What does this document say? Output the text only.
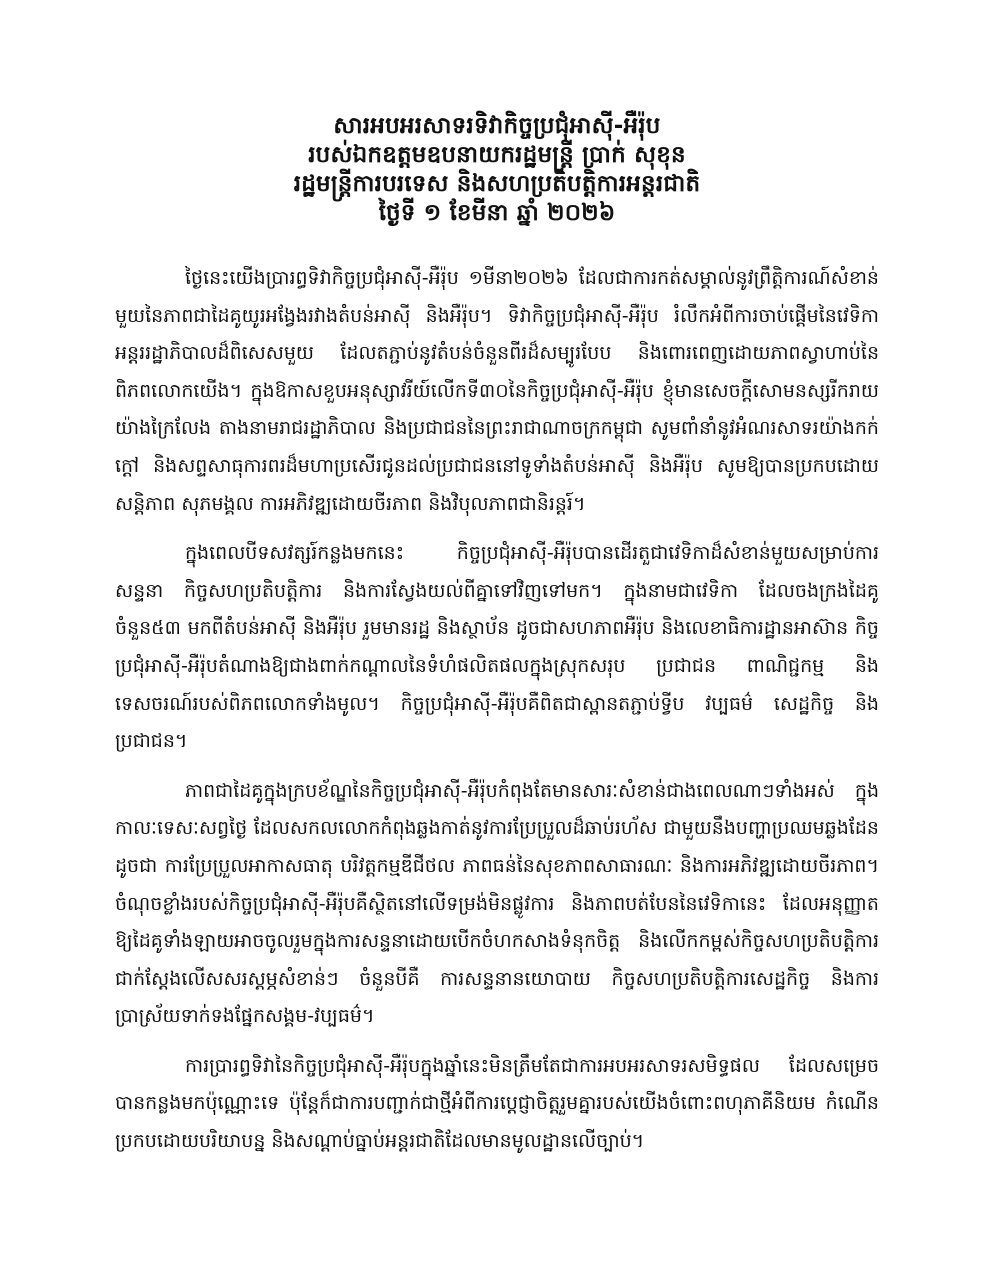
សារអបអរសាទរទិវាកិច្ចប្រជុំអាស៊ី-អឺរ៉ុប
របស់ឯកឧត្តមឧបនាយករដ្ឋមន្ត្រី ប្រាក់ សុខុន
រដ្ឋមន្ត្រីការបរទេស និងសហប្រតិបត្តិការអន្តរជាតិ
ថ្ងៃទី ១ ខែមីនា ឆ្នាំ ២០២៦

ថ្ងៃនេះយើងប្រារព្ធទិវាកិច្ចប្រជុំអាស៊ី-អឺរ៉ុប ១មីនា២០២៦ ដែលជាការកត់សម្គាល់នូវព្រឹត្តិការណ៍សំខាន់មួយនៃភាពជាដៃគូយូរអង្វែងរវាងតំបន់អាស៊ី និងអឺរ៉ុប។ ទិវាកិច្ចប្រជុំអាស៊ី-អឺរ៉ុប រំលឹកអំពីការចាប់ផ្តើមនៃវេទិកាអន្តររដ្ឋាភិបាលដ៏ពិសេសមួយ ដែលតភ្ជាប់នូវតំបន់ចំនួនពីរដ៏សម្បូរបែប និងពោរពេញដោយភាពស្វាហាប់នៃពិភពលោកយើង។ ក្នុងឱកាសខួបអនុស្សាវរីយ៍លើកទី៣០នៃកិច្ចប្រជុំអាស៊ី-អឺរ៉ុប ខ្ញុំមានសេចក្តីសោមនស្សរីករាយយ៉ាងក្រៃលែង តាងនាមរាជរដ្ឋាភិបាល និងប្រជាជននៃព្រះរាជាណាចក្រកម្ពុជា សូមពាំនាំនូវអំណរសាទរយ៉ាងកក់ក្តៅ និងសព្ទសាធុការពរដ៏មហាប្រសើរជូនដល់ប្រជាជននៅទូទាំងតំបន់អាស៊ី និងអឺរ៉ុប សូមឱ្យបានប្រកបដោយសន្តិភាព សុភមង្គល ការអភិវឌ្ឍដោយចីរភាព និងវិបុលភាពជានិរន្តរ៍។

ក្នុងពេលបីទសវត្សរ៍កន្លងមកនេះ កិច្ចប្រជុំអាស៊ី-អឺរ៉ុបបានដើរតួជាវេទិកាដ៏សំខាន់មួយសម្រាប់ការសន្ទនា កិច្ចសហប្រតិបត្តិការ និងការស្វែងយល់ពីគ្នាទៅវិញទៅមក។ ក្នុងនាមជាវេទិកា ដែលចងក្រងដៃគូចំនួន៥៣ មកពីតំបន់អាស៊ី និងអឺរ៉ុប រួមមានរដ្ឋ និងស្ថាប័ន ដូចជាសហភាពអឺរ៉ុប និងលេខាធិការដ្ឋានអាស៊ាន កិច្ចប្រជុំអាស៊ី-អឺរ៉ុបតំណាងឱ្យជាងពាក់កណ្តាលនៃទំហំផលិតផលក្នុងស្រុកសរុប ប្រជាជន ពាណិជ្ជកម្ម និងទេសចរណ៍របស់ពិភពលោកទាំងមូល។ កិច្ចប្រជុំអាស៊ី-អឺរ៉ុបគឺពិតជាស្ពានតភ្ជាប់ទ្វីប វប្បធម៌ សេដ្ឋកិច្ច និងប្រជាជន។

ភាពជាដៃគូក្នុងក្របខ័ណ្ឌនៃកិច្ចប្រជុំអាស៊ី-អឺរ៉ុបកំពុងតែមានសារៈសំខាន់ជាងពេលណាៗទាំងអស់ ក្នុងកាលៈទេសៈសព្វថ្ងៃ ដែលសកលលោកកំពុងឆ្លងកាត់នូវការប្រែប្រួលដ៏ឆាប់រហ័ស ជាមួយនឹងបញ្ហាប្រឈមឆ្លងដែនដូចជា ការប្រែប្រួលអាកាសធាតុ បរិវត្តកម្មឌីជីថល ភាពធន់នៃសុខភាពសាធារណៈ និងការអភិវឌ្ឍដោយចីរភាព។ ចំណុចខ្លាំងរបស់កិច្ចប្រជុំអាស៊ី-អឺរ៉ុបគឺស្ថិតនៅលើទម្រង់មិនផ្លូវការ និងភាពបត់បែននៃវេទិកានេះ ដែលអនុញ្ញាតឱ្យដៃគូទាំងឡាយអាចចូលរួមក្នុងការសន្ទនាដោយបើកចំហកសាងទំនុកចិត្ត និងលើកកម្ពស់កិច្ចសហប្រតិបត្តិការជាក់ស្តែងលើសសរស្តម្ភសំខាន់ៗ ចំនួនបីគឺ ការសន្ទនានយោបាយ កិច្ចសហប្រតិបត្តិការសេដ្ឋកិច្ច និងការប្រាស្រ័យទាក់ទងផ្នែកសង្គម-វប្បធម៌។

ការប្រារព្ធទិវានៃកិច្ចប្រជុំអាស៊ី-អឺរ៉ុបក្នុងឆ្នាំនេះមិនត្រឹមតែជាការអបអរសាទរសមិទ្ធផល ដែលសម្រេចបានកន្លងមកប៉ុណ្ណោះទេ ប៉ុន្តែក៏ជាការបញ្ជាក់ជាថ្មីអំពីការប្តេជ្ញាចិត្តរួមគ្នារបស់យើងចំពោះពហុភាគីនិយម កំណើនប្រកបដោយបរិយាបន្ន និងសណ្តាប់ធ្នាប់អន្តរជាតិដែលមានមូលដ្ឋានលើច្បាប់។
